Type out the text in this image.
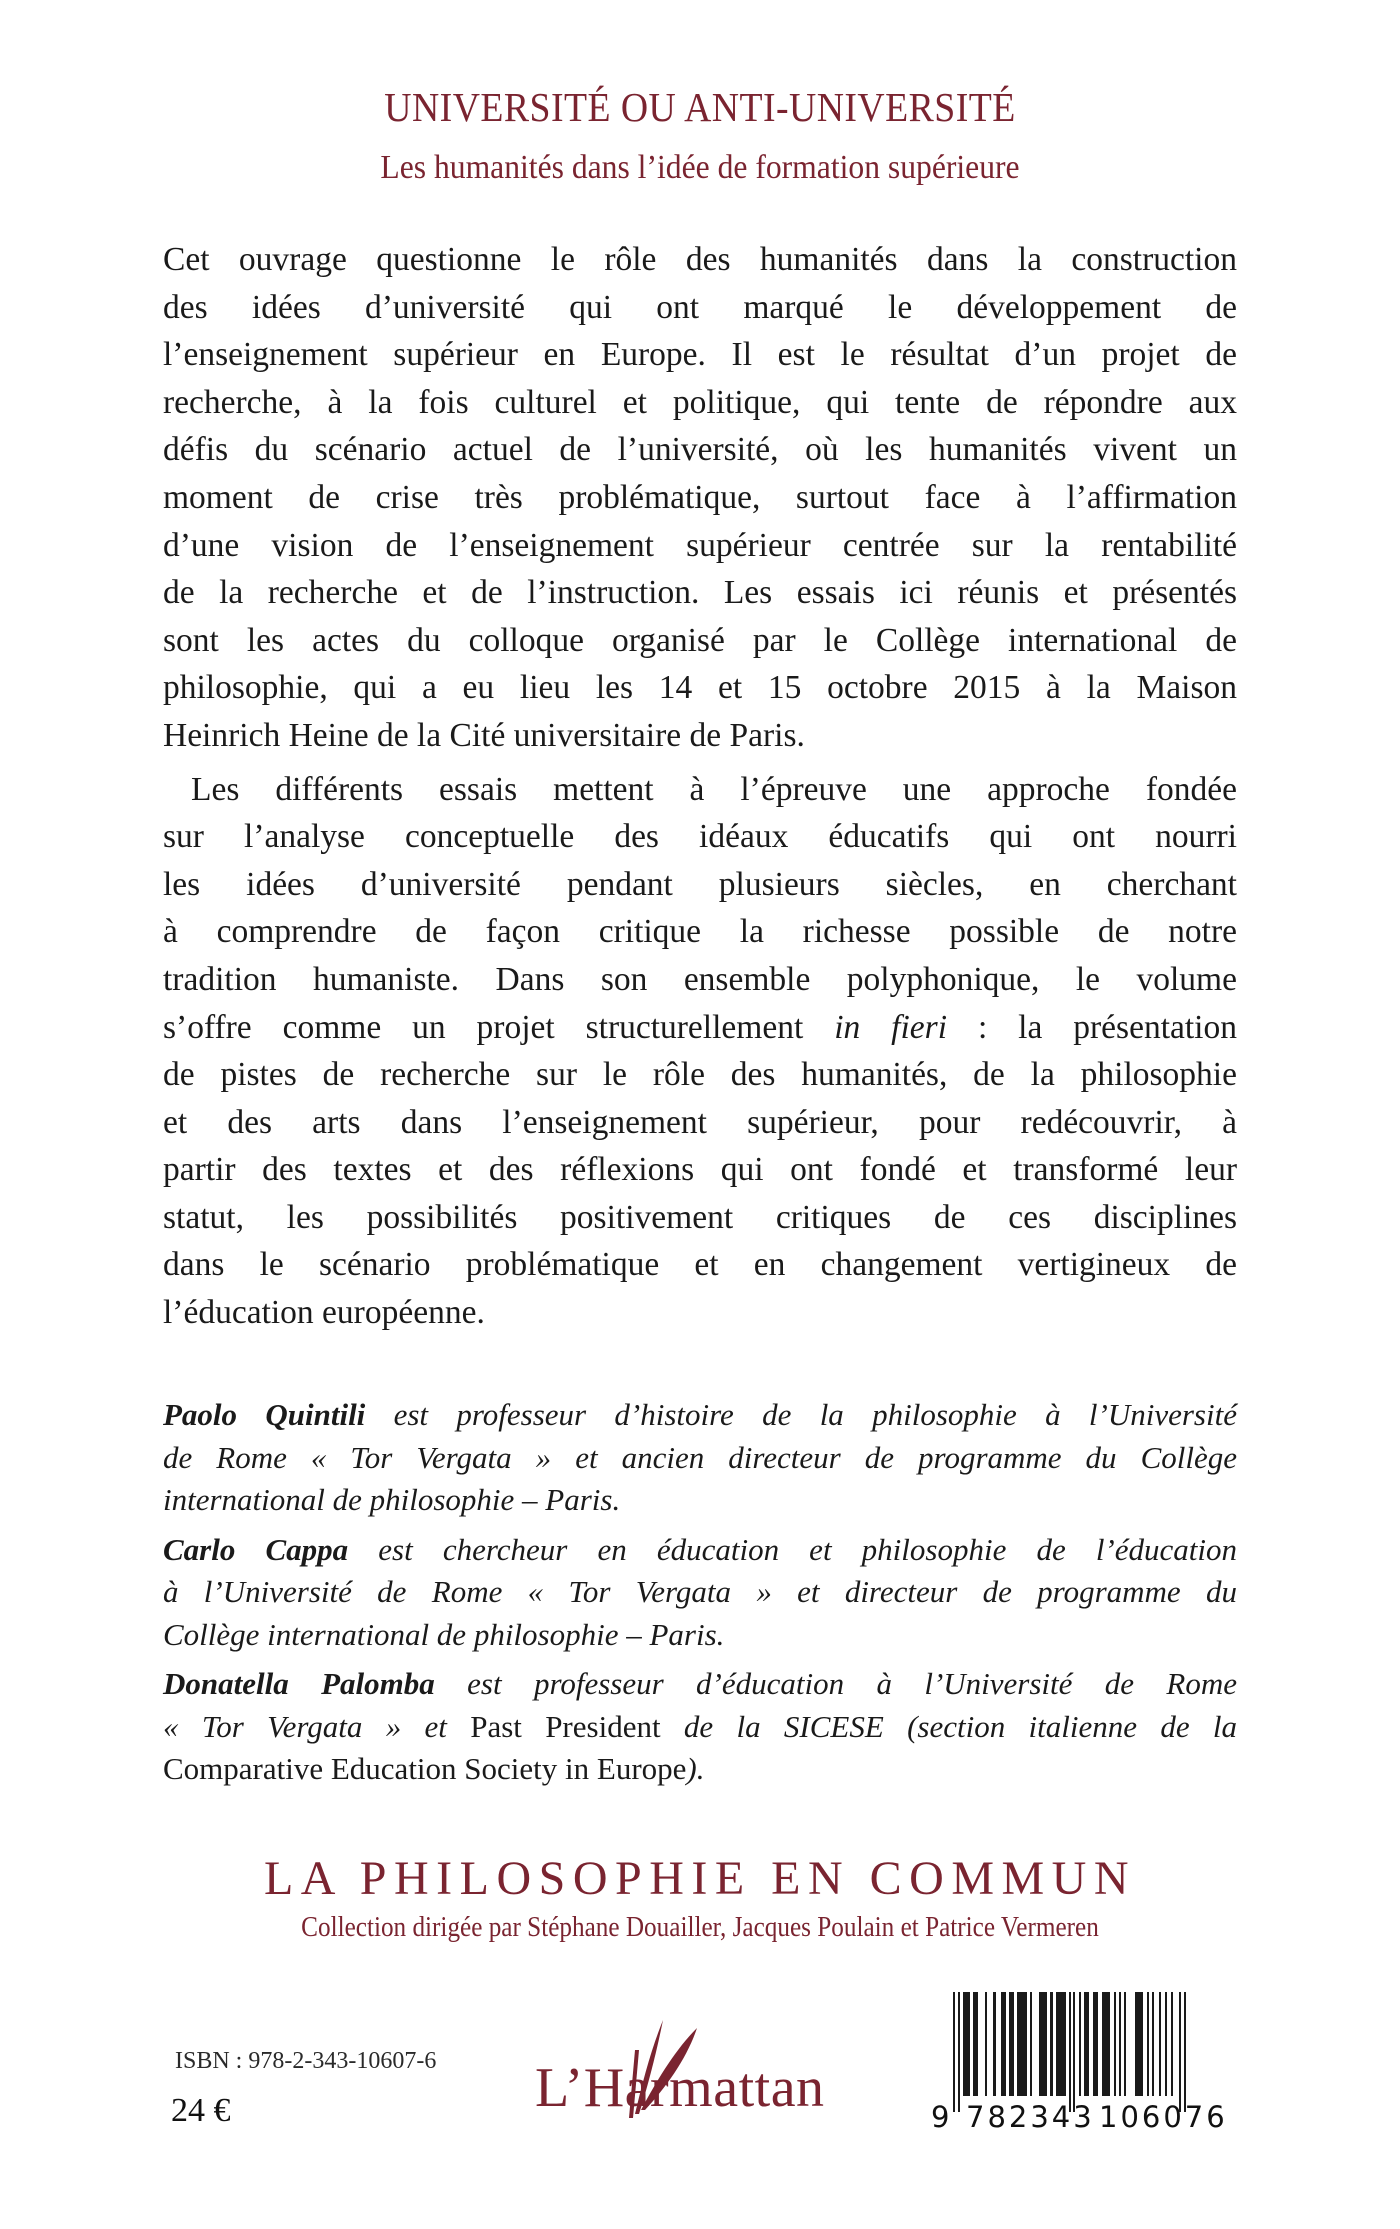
UNIVERSITÉ OU ANTI-UNIVERSITÉ
Les humanités dans l’idée de formation supérieure
Cet ouvrage questionne le rôle des humanités dans la construction
des idées d’université qui ont marqué le développement de
l’enseignement supérieur en Europe. Il est le résultat d’un projet de
recherche, à la fois culturel et politique, qui tente de répondre aux
défis du scénario actuel de l’université, où les humanités vivent un
moment de crise très problématique, surtout face à l’affirmation
d’une vision de l’enseignement supérieur centrée sur la rentabilité
de la recherche et de l’instruction. Les essais ici réunis et présentés
sont les actes du colloque organisé par le Collège international de
philosophie, qui a eu lieu les 14 et 15 octobre 2015 à la Maison
Heinrich Heine de la Cité universitaire de Paris.
Les différents essais mettent à l’épreuve une approche fondée
sur l’analyse conceptuelle des idéaux éducatifs qui ont nourri
les idées d’université pendant plusieurs siècles, en cherchant
à comprendre de façon critique la richesse possible de notre
tradition humaniste. Dans son ensemble polyphonique, le volume
s’offre comme un projet structurellement in fieri : la présentation
de pistes de recherche sur le rôle des humanités, de la philosophie
et des arts dans l’enseignement supérieur, pour redécouvrir, à
partir des textes et des réflexions qui ont fondé et transformé leur
statut, les possibilités positivement critiques de ces disciplines
dans le scénario problématique et en changement vertigineux de
l’éducation européenne.
Paolo Quintili est professeur d’histoire de la philosophie à l’Université
de Rome « Tor Vergata » et ancien directeur de programme du Collège
international de philosophie – Paris.
Carlo Cappa est chercheur en éducation et philosophie de l’éducation
à l’Université de Rome « Tor Vergata » et directeur de programme du
Collège international de philosophie – Paris.
Donatella Palomba est professeur d’éducation à l’Université de Rome
« Tor Vergata » et Past President de la SICESE (section italienne de la
Comparative Education Society in Europe).
LA PHILOSOPHIE EN COMMUN
Collection dirigée par Stéphane Douailler, Jacques Poulain et Patrice Vermeren
ISBN : 978-2-343-10607-6
24 €	L’Harmattan	9 782343 106076
